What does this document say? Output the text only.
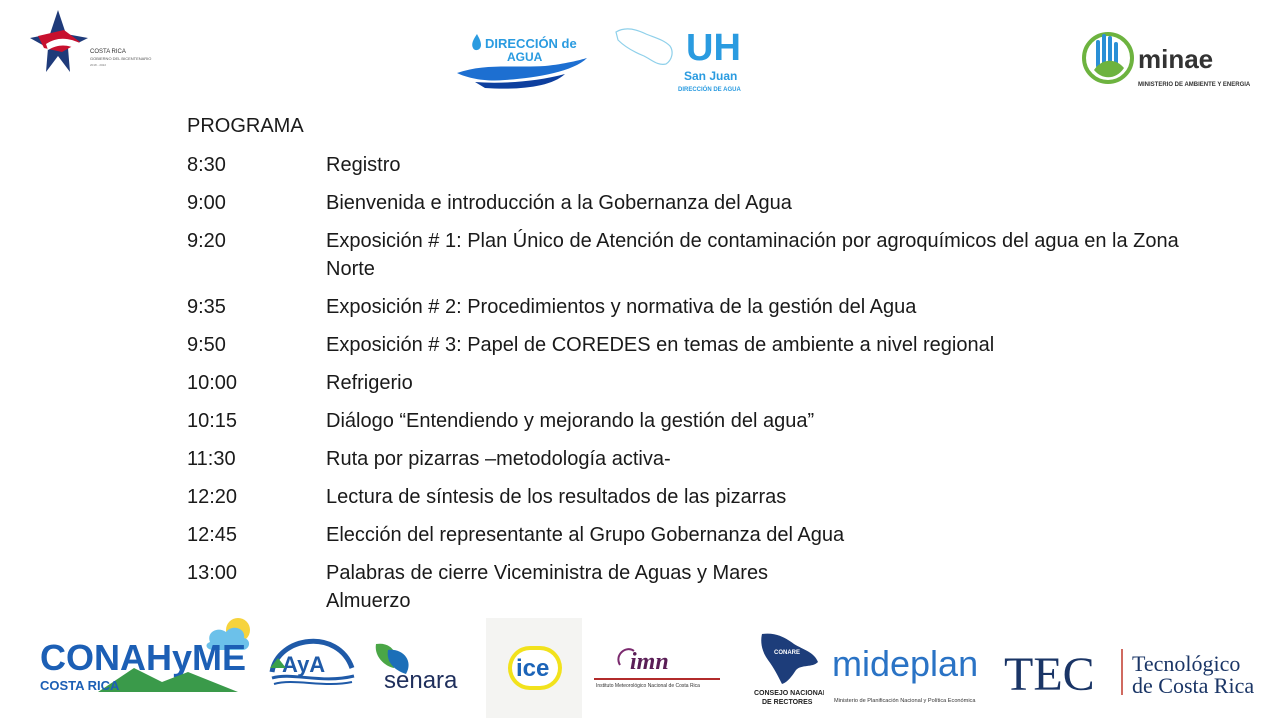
COSTA RICA
GOBIERNO DEL BICENTENARIO
2018 - 2022
DIRECCIÓN de
AGUA	UH
San Juan
DIRECCIÓN DE AGUA
minae
MINISTERIO DE AMBIENTE Y ENERGIA
PROGRAMA
8:30	Registro
9:00	Bienvenida e introducción a la Gobernanza del Agua
9:20	Exposición # 1: Plan Único de Atención de contaminación por agroquímicos del agua en la Zona Norte
9:35	Exposición # 2: Procedimientos y normativa de la gestión del Agua
9:50	Exposición # 3: Papel de COREDES en temas de ambiente a nivel regional
10:00	Refrigerio
10:15	Diálogo “Entendiendo y mejorando la gestión del agua”
11:30	Ruta por pizarras –metodología activa-
12:20	Lectura de síntesis de los resultados de las pizarras
12:45	Elección del representante al Grupo Gobernanza del Agua
13:00	Palabras de cierre Viceministra de Aguas y Mares
Almuerzo
CONAHyME
COSTA RICA
AyA
senara ice	imn
Instituto Meteorológico Nacional de Costa Rica
CONARE
CONSEJO NACIONAL
DE RECTORES
mideplan
Ministerio de Planificación Nacional y Política Económica TEC Tecnológico
de Costa Rica
